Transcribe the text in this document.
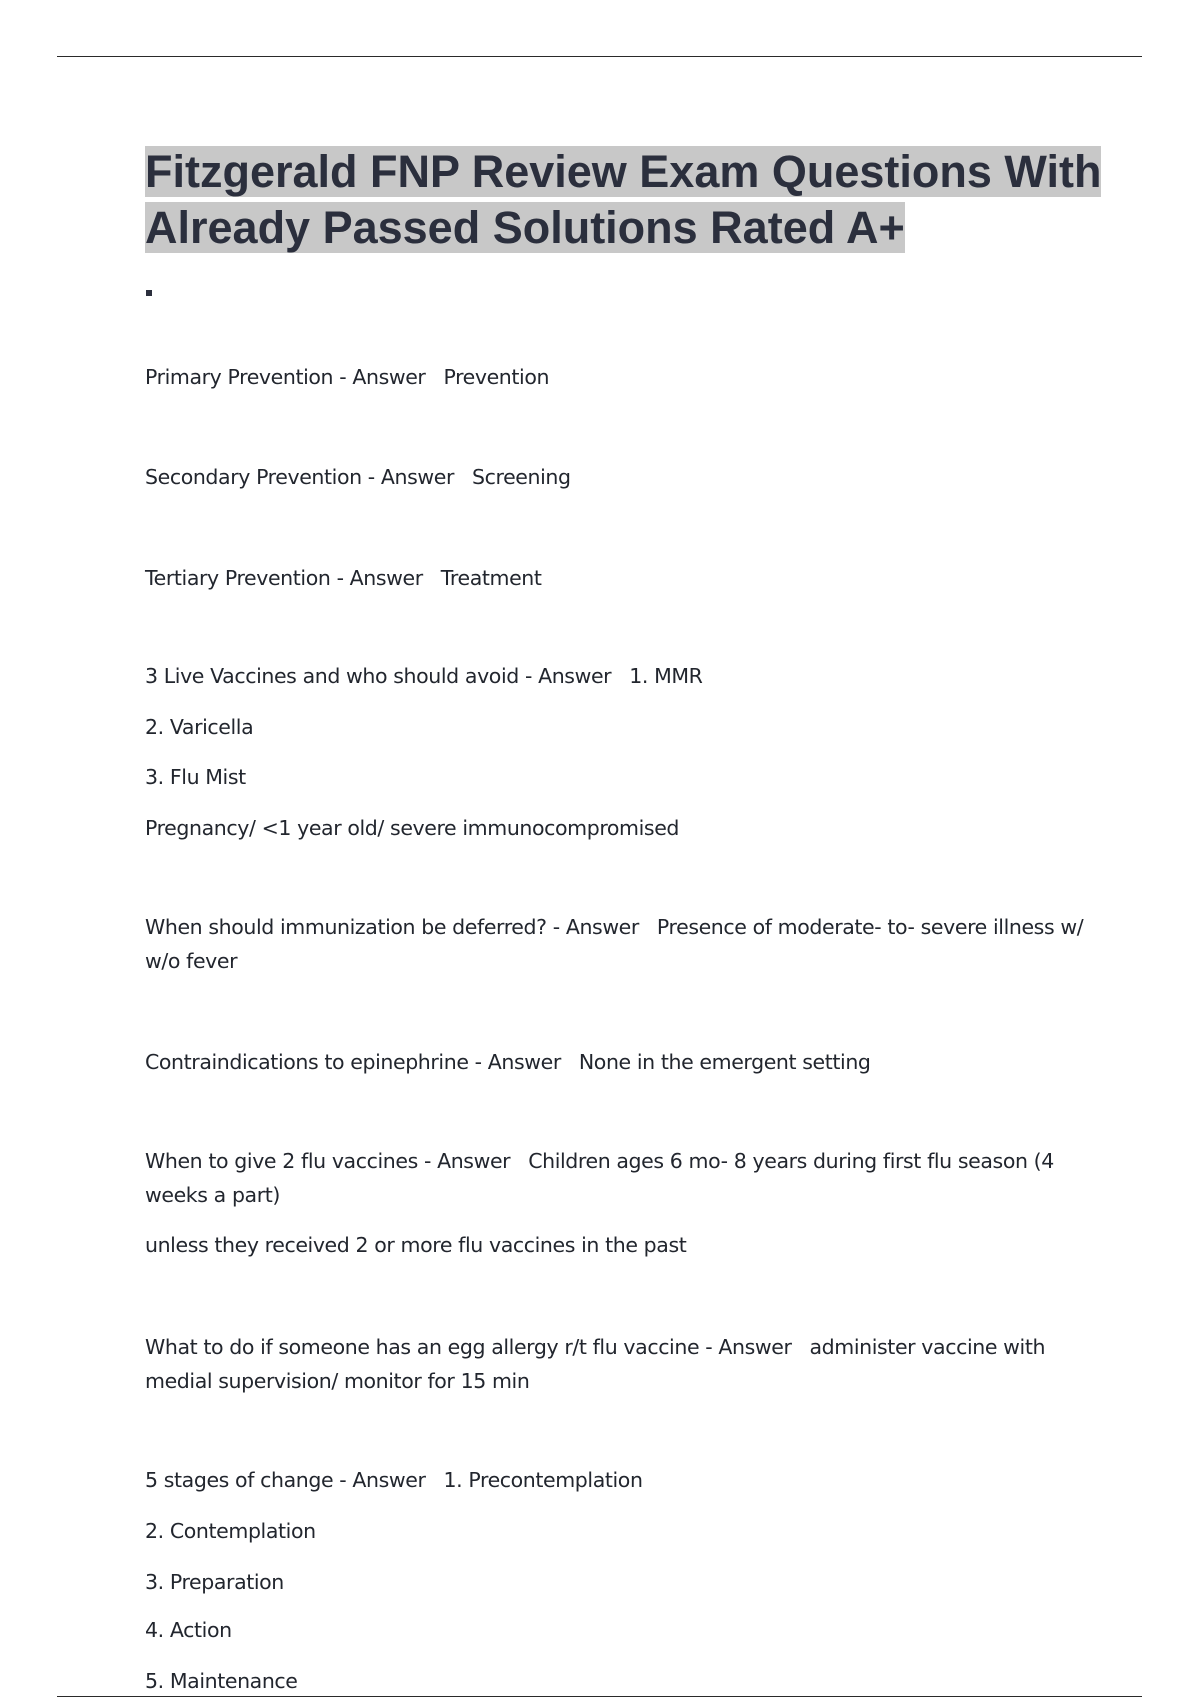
Fitzgerald FNP Review Exam Questions With Already Passed Solutions Rated A+

Primary Prevention - Answer Prevention

Secondary Prevention - Answer Screening

Tertiary Prevention - Answer Treatment

3 Live Vaccines and who should avoid - Answer 1. MMR

2. Varicella

3. Flu Mist

Pregnancy/ <1 year old/ severe immunocompromised

When should immunization be deferred? - Answer Presence of moderate- to- severe illness w/ w/o fever

Contraindications to epinephrine - Answer None in the emergent setting

When to give 2 flu vaccines - Answer Children ages 6 mo- 8 years during first flu season (4 weeks a part)

unless they received 2 or more flu vaccines in the past

What to do if someone has an egg allergy r/t flu vaccine - Answer administer vaccine with medial supervision/ monitor for 15 min

5 stages of change - Answer 1. Precontemplation

2. Contemplation

3. Preparation

4. Action

5. Maintenance
